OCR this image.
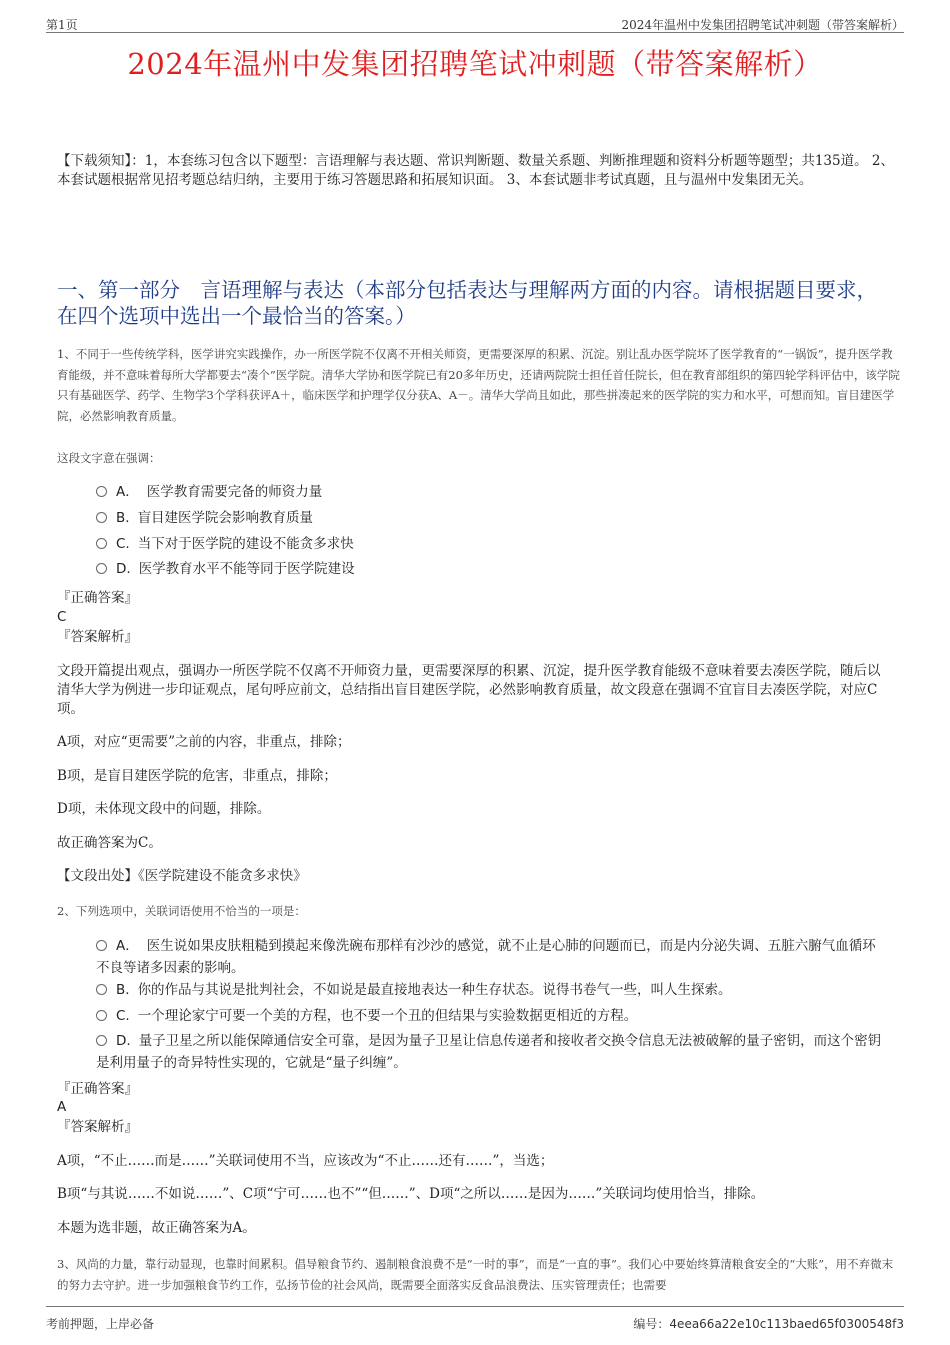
第1页	2024年温州中发集团招聘笔试冲刺题（带答案解析）
2024年温州中发集团招聘笔试冲刺题（带答案解析）
【下载须知】：1，本套练习包含以下题型：言语理解与表达题、常识判断题、数量关系题、判断推理题和资料分析题等题型；共135道。 2、本套试题根据常见招考题总结归纳，主要用于练习答题思路和拓展知识面。 3、本套试题非考试真题，且与温州中发集团无关。
一、第一部分　言语理解与表达（本部分包括表达与理解两方面的内容。请根据题目要求，在四个选项中选出一个最恰当的答案。）
1、不同于一些传统学科，医学讲究实践操作，办一所医学院不仅离不开相关师资，更需要深厚的积累、沉淀。别让乱办医学院坏了医学教育的“一锅饭”，提升医学教育能级，并不意味着每所大学都要去“凑个”医学院。清华大学协和医学院已有20多年历史，还请两院院士担任首任院长，但在教育部组织的第四轮学科评估中，该学院只有基础医学、药学、生物学3个学科获评A＋，临床医学和护理学仅分获A、A－。清华大学尚且如此，那些拼凑起来的医学院的实力和水平，可想而知。盲目建医学院，必然影响教育质量。
这段文字意在强调：
A． 医学教育需要完备的师资力量
B. 盲目建医学院会影响教育质量
C. 当下对于医学院的建设不能贪多求快
D. 医学教育水平不能等同于医学院建设
『正确答案』
C
『答案解析』
文段开篇提出观点，强调办一所医学院不仅离不开师资力量，更需要深厚的积累、沉淀，提升医学教育能级不意味着要去凑医学院，随后以清华大学为例进一步印证观点，尾句呼应前文，总结指出盲目建医学院，必然影响教育质量，故文段意在强调不宜盲目去凑医学院，对应C项。
A项，对应“更需要”之前的内容，非重点，排除；
B项，是盲目建医学院的危害，非重点，排除；
D项，未体现文段中的问题，排除。
故正确答案为C。
【文段出处】《医学院建设不能贪多求快》
2、下列选项中，关联词语使用不恰当的一项是：
A． 医生说如果皮肤粗糙到摸起来像洗碗布那样有沙沙的感觉，就不止是心肺的问题而已，而是内分泌失调、五脏六腑气血循环不良等诸多因素的影响。
B. 你的作品与其说是批判社会，不如说是最直接地表达一种生存状态。说得书卷气一些，叫人生探索。
C. 一个理论家宁可要一个美的方程，也不要一个丑的但结果与实验数据更相近的方程。
D. 量子卫星之所以能保障通信安全可靠，是因为量子卫星让信息传递者和接收者交换令信息无法被破解的量子密钥，而这个密钥是利用量子的奇异特性实现的，它就是“量子纠缠”。
『正确答案』
A
『答案解析』
A项，“不止……而是……”关联词使用不当，应该改为“不止……还有……”，当选；
B项“与其说……不如说……”、C项“宁可……也不”“但……”、D项“之所以……是因为……”关联词均使用恰当，排除。
本题为选非题，故正确答案为A。
3、风尚的力量，靠行动显现，也靠时间累积。倡导粮食节约、遏制粮食浪费不是“一时的事”，而是“一直的事”。我们心中要始终算清粮食安全的“大账”，用不弃微末的努力去守护。进一步加强粮食节约工作，弘扬节俭的社会风尚，既需要全面落实反食品浪费法、压实管理责任；也需要
考前押题，上岸必备	编号：4eea66a22e10c113baed65f0300548f3
